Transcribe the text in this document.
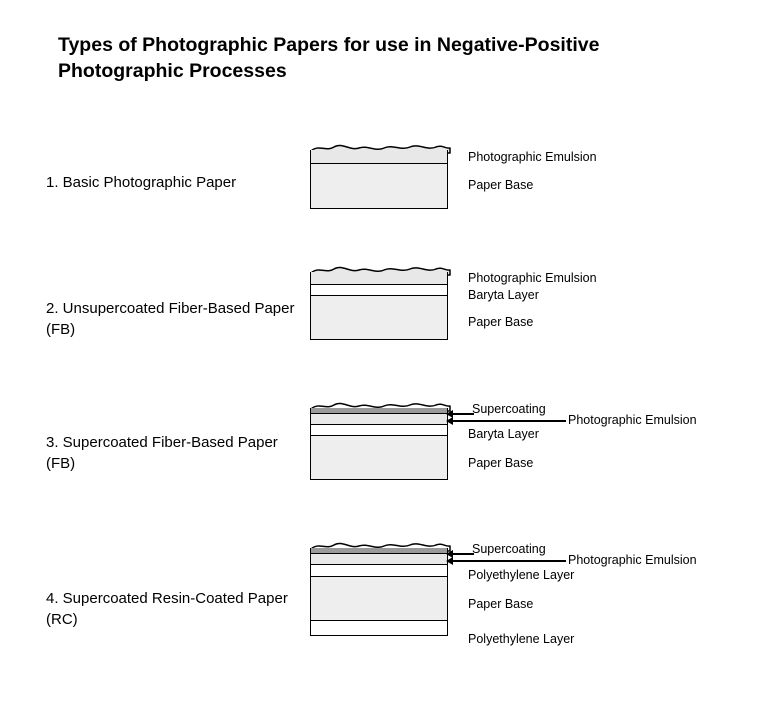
Types of Photographic Papers for use in Negative-Positive Photographic Processes
1. Basic Photographic Paper
Photographic Emulsion
Paper Base
2. Unsupercoated Fiber-Based Paper (FB)
Photographic Emulsion
Baryta Layer
Paper Base
3. Supercoated Fiber-Based Paper (FB)
Supercoating
Photographic Emulsion
Baryta Layer
Paper Base
4. Supercoated Resin-Coated Paper (RC)
Supercoating
Photographic Emulsion
Polyethylene Layer
Paper Base
Polyethylene Layer
